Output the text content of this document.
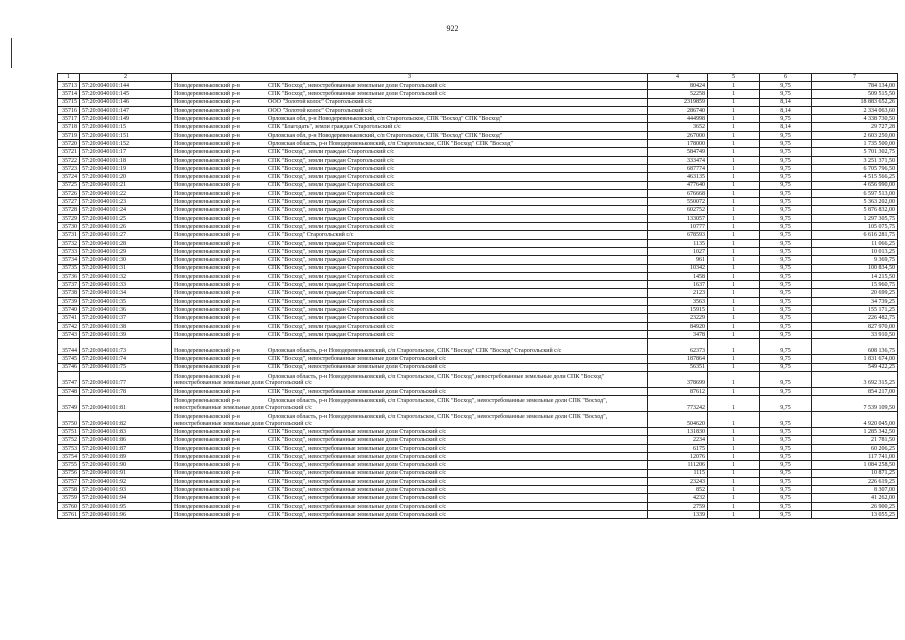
922
1	2	3	4	5	6	7
35713	57:20:0040101:144	Новодеревеньковский р-н СПК "Восход", невостребованные земельные доли Старогольский с/с	80424	1	9,75	784 134,00
35714	57:20:0040101:145	Новодеревеньковский р-н СПК "Восход", невостребованные земельные доли Старогольский с/с	52258	1	9,75	509 515,50
35715	57:20:0040101:146	Новодеревеньковский р-н ООО "Золотой колос" Старогольский с/с	2319859	1	8,14	18 883 652,26
35716	57:20:0040101:147	Новодеревеньковский р-н ООО "Золотой колос" Старогольский с/с	286740	1	8,14	2 334 063,60
35717	57:20:0040101:149	Новодеревеньковский р-н Орловская обл, р-н Новодеревеньковский, с/п Старогольское, СПК "Восход" СПК "Восход"	444998	1	9,75	4 338 730,50
35718	57:20:0040101:15	Новодеревеньковский р-н СПК "Благодать", земли граждан Старогольский с/с	3652	1	8,14	29 727,28
35719	57:20:0040101:151	Новодеревеньковский р-н Орловская обл, р-н Новодеревеньковский, с/п Старогольское, СПК "Восход" СПК "Восход"	267000	1	9,75	2 603 250,00
35720	57:20:0040101:152	Новодеревеньковский р-н Орловская область, р-н Новодеревеньковский, с/п Старогольское, СПК "Восход" СПК "Восход"	178000	1	9,75	1 735 500,00
35721	57:20:0040101:17	Новодеревеньковский р-н СПК "Восход", земли граждан Старогольский с/с	584749	1	9,75	5 701 302,75
35722	57:20:0040101:18	Новодеревеньковский р-н СПК "Восход", земли граждан Старогольский с/с	333474	1	9,75	3 251 371,50
35723	57:20:0040101:19	Новодеревеньковский р-н СПК "Восход", земли граждан Старогольский с/с	687774	1	9,75	6 705 796,50
35724	57:20:0040101:20	Новодеревеньковский р-н СПК "Восход", земли граждан Старогольский с/с	463135	1	9,75	4 515 566,25
35725	57:20:0040101:21	Новодеревеньковский р-н СПК "Восход", земли граждан Старогольский с/с	477640	1	9,75	4 656 990,00
35726	57:20:0040101:22	Новодеревеньковский р-н СПК "Восход", земли граждан Старогольский с/с	676668	1	9,75	6 597 513,00
35727	57:20:0040101:23	Новодеревеньковский р-н СПК "Восход", земли граждан Старогольский с/с	550072	1	9,75	5 363 202,00
35728	57:20:0040101:24	Новодеревеньковский р-н СПК "Восход", земли граждан Старогольский с/с	602752	1	9,75	5 876 832,00
35729	57:20:0040101:25	Новодеревеньковский р-н СПК "Восход", земли граждан Старогольский с/с	133057	1	9,75	1 297 305,75
35730	57:20:0040101:26	Новодеревеньковский р-н СПК "Восход", земли граждан Старогольский с/с	10777	1	9,75	105 075,75
35731	57:20:0040101:27	Новодеревеньковский р-н СПК "Восход" Старогольский с/с	678593	1	9,75	6 616 281,75
35732	57:20:0040101:28	Новодеревеньковский р-н СПК "Восход", земли граждан Старогольский с/с	1135	1	9,75	11 066,25
35733	57:20:0040101:29	Новодеревеньковский р-н СПК "Восход", земли граждан Старогольский с/с	1027	1	9,75	10 013,25
35734	57:20:0040101:30	Новодеревеньковский р-н СПК "Восход", земли граждан Старогольский с/с	961	1	9,75	9 369,75
35735	57:20:0040101:31	Новодеревеньковский р-н СПК "Восход", земли граждан Старогольский с/с	10342	1	9,75	100 834,50
35736	57:20:0040101:32	Новодеревеньковский р-н СПК "Восход", земли граждан Старогольский с/с	1458	1	9,75	14 215,50
35737	57:20:0040101:33	Новодеревеньковский р-н СПК "Восход", земли граждан Старогольский с/с	1637	1	9,75	15 960,75
35738	57:20:0040101:34	Новодеревеньковский р-н СПК "Восход", земли граждан Старогольский с/с	2123	1	9,75	20 699,25
35739	57:20:0040101:35	Новодеревеньковский р-н СПК "Восход", земли граждан Старогольский с/с	3563	1	9,75	34 739,25
35740	57:20:0040101:36	Новодеревеньковский р-н СПК "Восход", земли граждан Старогольский с/с	15915	1	9,75	155 171,25
35741	57:20:0040101:37	Новодеревеньковский р-н СПК "Восход", земли граждан Старогольский с/с	23229	1	9,75	226 482,75
35742	57:20:0040101:38	Новодеревеньковский р-н СПК "Восход", земли граждан Старогольский с/с	84920	1	9,75	827 970,00
35743	57:20:0040101:39	Новодеревеньковский р-н СПК "Восход", земли граждан Старогольский с/с	3478	1	9,75	33 910,50
35744	57:20:0040101:73	Новодеревеньковский р-н Орловская область, р-н Новодеревеньковский, с/п Старогольское, СПК "Восход" СПК "Восход" Старогольский с/с	62373	1	9,75	608 136,75
35745	57:20:0040101:74	Новодеревеньковский р-н СПК "Восход", невостребованные земельные доли Старогольский с/с	187864	1	9,75	1 831 674,00
35746	57:20:0040101:75	Новодеревеньковский р-н СПК "Восход", невостребованные земельные доли Старогольский с/с	56351	1	9,75	549 422,25
35747	57:20:0040101:77	Новодеревеньковский р-н Орловская область, р-н Новодеревеньковский, с/п Старогольское, СПК "Восход",невостребованные земельные доли СПК "Восход" невостребованные земельные доли Старогольский с/с	378699	1	9,75	3 692 315,25
35748	57:20:0040101:78	Новодеревеньковский р-н СПК "Восход", невостребованные земельные доли Старогольский с/с	87612	1	9,75	854 217,00
35749	57:20:0040101:81	Новодеревеньковский р-н Орловская область, р-н Новодеревеньковский, с/п Старогольское, СПК "Восход", невостребованные земельные доли СПК "Восход", невостребованные земельные доли Старогольский с/с	773242	1	9,75	7 539 109,50
35750	57:20:0040101:82	Новодеревеньковский р-н Орловская область, р-н Новодеревеньковский, с/п Старогольское, СПК "Восход", невостребованные земельные доли СПК "Восход", невостребованные земельные доли Старогольский с/с	504620	1	9,75	4 920 045,00
35751	57:20:0040101:83	Новодеревеньковский р-н СПК "Восход", невостребованные земельные доли Старогольский с/с	131830	1	9,75	1 285 342,50
35752	57:20:0040101:86	Новодеревеньковский р-н СПК "Восход", невостребованные земельные доли Старогольский с/с	2234	1	9,75	21 781,50
35753	57:20:0040101:87	Новодеревеньковский р-н СПК "Восход", невостребованные земельные доли Старогольский с/с	6175	1	9,75	60 206,25
35754	57:20:0040101:89	Новодеревеньковский р-н СПК "Восход", невостребованные земельные доли Старогольский с/с	12076	1	9,75	117 741,00
35755	57:20:0040101:90	Новодеревеньковский р-н СПК "Восход", невостребованные земельные доли Старогольский с/с	111206	1	9,75	1 084 258,50
35756	57:20:0040101:91	Новодеревеньковский р-н СПК "Восход", невостребованные земельные доли Старогольский с/с	1115	1	9,75	10 871,25
35757	57:20:0040101:92	Новодеревеньковский р-н СПК "Восход", невостребованные земельные доли Старогольский с/с	23243	1	9,75	226 619,25
35758	57:20:0040101:93	Новодеревеньковский р-н СПК "Восход", невостребованные земельные доли Старогольский с/с	852	1	9,75	8 307,00
35759	57:20:0040101:94	Новодеревеньковский р-н СПК "Восход", невостребованные земельные доли Старогольский с/с	4232	1	9,75	41 262,00
35760	57:20:0040101:95	Новодеревеньковский р-н СПК "Восход", невостребованные земельные доли Старогольский с/с	2759	1	9,75	26 900,25
35761	57:20:0040101:96	Новодеревеньковский р-н СПК "Восход", невостребованные земельные доли Старогольский с/с	1339	1	9,75	13 055,25
